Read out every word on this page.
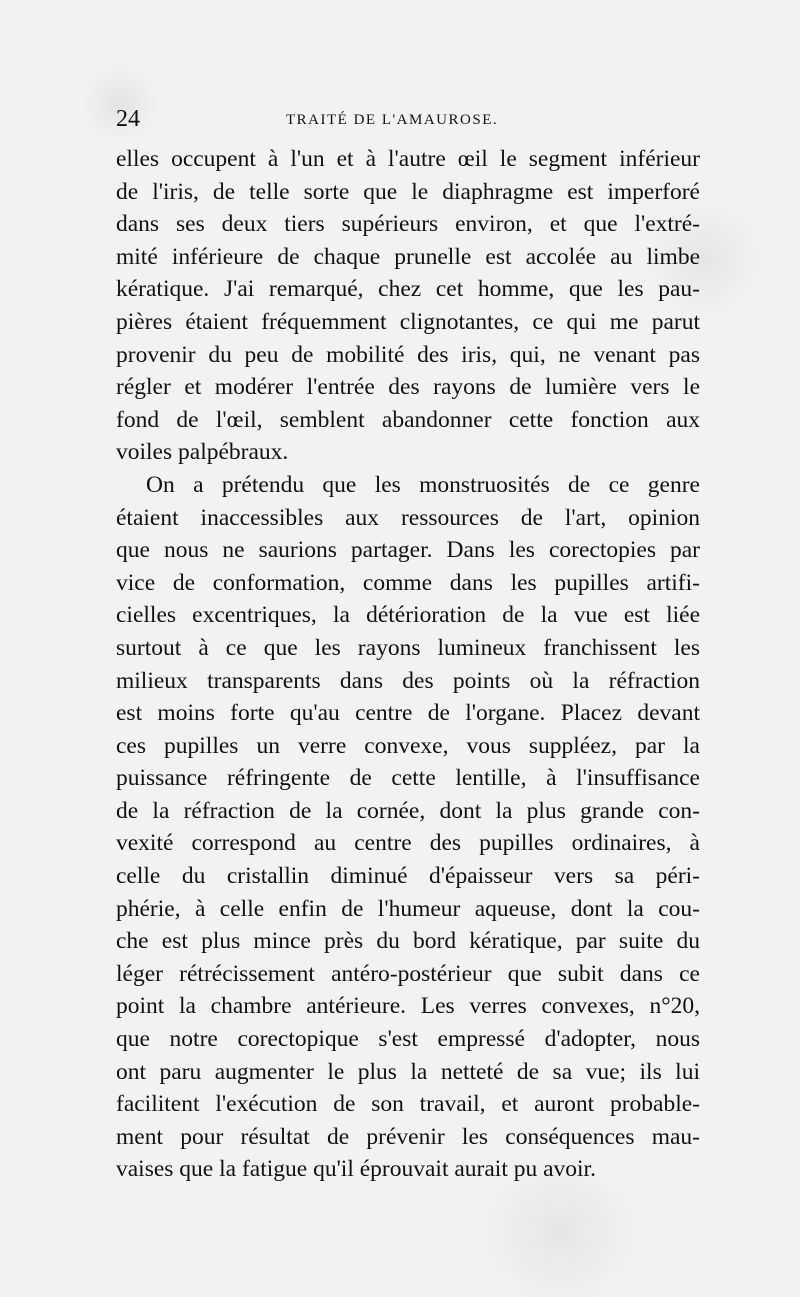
24	TRAITÉ DE L'AMAUROSE.
elles occupent à l'un et à l'autre œil le segment inférieur
de l'iris, de telle sorte que le diaphragme est imperforé
dans ses deux tiers supérieurs environ, et que l'extré-
mité inférieure de chaque prunelle est accolée au limbe
kératique. J'ai remarqué, chez cet homme, que les pau-
pières étaient fréquemment clignotantes, ce qui me parut
provenir du peu de mobilité des iris, qui, ne venant pas
régler et modérer l'entrée des rayons de lumière vers le
fond de l'œil, semblent abandonner cette fonction aux
voiles palpébraux.
On a prétendu que les monstruosités de ce genre
étaient inaccessibles aux ressources de l'art, opinion
que nous ne saurions partager. Dans les corectopies par
vice de conformation, comme dans les pupilles artifi-
cielles excentriques, la détérioration de la vue est liée
surtout à ce que les rayons lumineux franchissent les
milieux transparents dans des points où la réfraction
est moins forte qu'au centre de l'organe. Placez devant
ces pupilles un verre convexe, vous suppléez, par la
puissance réfringente de cette lentille, à l'insuffisance
de la réfraction de la cornée, dont la plus grande con-
vexité correspond au centre des pupilles ordinaires, à
celle du cristallin diminué d'épaisseur vers sa péri-
phérie, à celle enfin de l'humeur aqueuse, dont la cou-
che est plus mince près du bord kératique, par suite du
léger rétrécissement antéro-postérieur que subit dans ce
point la chambre antérieure. Les verres convexes, n°20,
que notre corectopique s'est empressé d'adopter, nous
ont paru augmenter le plus la netteté de sa vue; ils lui
facilitent l'exécution de son travail, et auront probable-
ment pour résultat de prévenir les conséquences mau-
vaises que la fatigue qu'il éprouvait aurait pu avoir.
